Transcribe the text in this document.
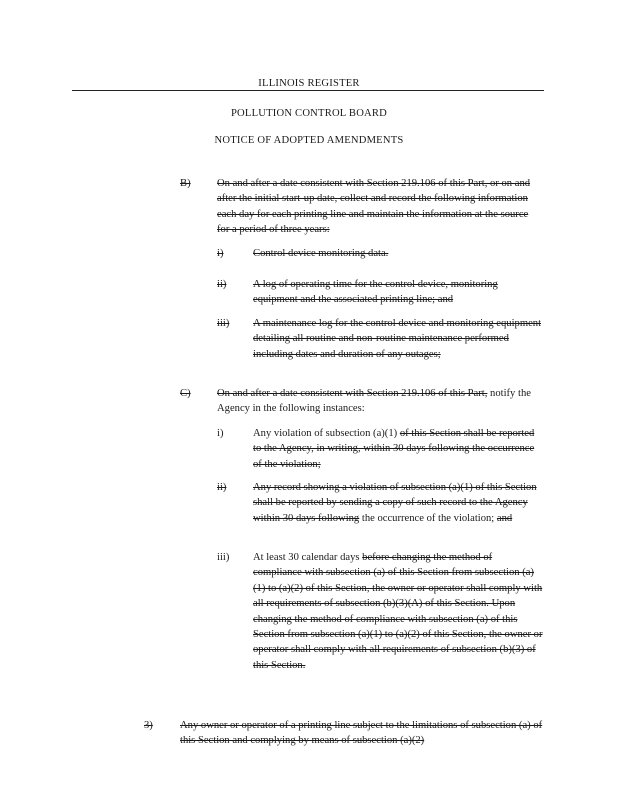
ILLINOIS REGISTER
POLLUTION CONTROL BOARD
NOTICE OF ADOPTED AMENDMENTS
B) On and after a date consistent with Section 219.106 of this Part, or on and after the initial start-up date, collect and record the following information each day for each printing line and maintain the information at the source for a period of three years:
i)	Control device monitoring data.
ii)	A log of operating time for the control device, monitoring equipment and the associated printing line; and
iii) A maintenance log for the control device and monitoring equipment detailing all routine and non-routine maintenance performed including dates and duration of any outages;
C) On and after a date consistent with Section 219.106 of this Part, notify the Agency in the following instances:
i)	Any violation of subsection (a)(1) of this Section shall be reported to the Agency, in writing, within 30 days following the occurrence of the violation;
ii)	Any record showing a violation of subsection (a)(1) of this Section shall be reported by sending a copy of such record to the Agency within 30 days following the occurrence of the violation; and
iii) At least 30 calendar days before changing the method of compliance with subsection (a) of this Section from subsection (a)(1) to (a)(2) of this Section, the owner or operator shall comply with all requirements of subsection (b)(3)(A) of this Section. Upon changing the method of compliance with subsection (a) of this Section from subsection (a)(1) to (a)(2) of this Section, the owner or operator shall comply with all requirements of subsection (b)(3) of this Section.
3)	Any owner or operator of a printing line subject to the limitations of subsection (a) of this Section and complying by means of subsection (a)(2)
